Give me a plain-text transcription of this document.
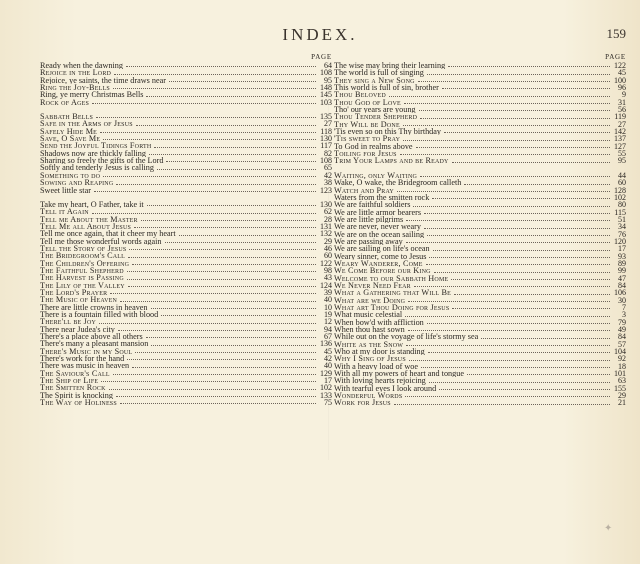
INDEX.	159
PAGE
Ready when the dawning	64
Rejoice in the Lord	108
Rejoice, ye saints, the time draws near	95
Ring the Joy-Bells	148
Ring, ye merry Christmas Bells	145
Rock of Ages	103
Sabbath Bells	135
Safe in the Arms of Jesus	27
Safely Hide Me	118
Save, O Save Me	130
Send the Joyful Tidings Forth	117
Shadows now are thickly falling	82
Sharing so freely the gifts of the Lord	108
Softly and tenderly Jesus is calling	65
Something to do	42
Sowing and Reaping	38
Sweet little star	123
Take my heart, O Father, take it	130
Tell it Again	62
Tell me About the Master	28
Tell Me all About Jesus	131
Tell me once again, that it cheer my heart	132
Tell me those wonderful words again	29
Tell the Story of Jesus	46
The Bridegroom's Call	60
The Children's Offering	122
The Faithful Shepherd	98
The Harvest is Passing	43
The Lily of the Valley	124
The Lord's Prayer	39
The Music of Heaven	40
There are little crowns in heaven	10
There is a fountain filled with blood	19
There'll be Joy	12
There near Judea's city	94
There's a place above all others	67
There's many a pleasant mansion	136
There's Music in my Soul	45
There's work for the hand	42
There was music in heaven	40
The Saviour's Call	129
The Ship of Life	17
The Smitten Rock	102
The Spirit is knocking	133
The Way of Holiness	75
PAGE
The wise may bring their learning	122
The world is full of singing	45
They sing a New Song	100
This world is full of sin, brother	96
Thou Beloved	9
Thou God of Love	31
Tho' our years are young	56
Thou Tender Shepherd	119
Thy Will be Done	27
'Tis even so on this Thy birthday	142
'Tis sweet to Pray	137
To God in realms above	127
Toiling for Jesus	55
Trim Your Lamps and be Ready	95
Waiting, only Waiting	44
Wake, O wake, the Bridegroom calleth	60
Watch and Pray	128
Waters from the smitten rock	102
We are faithful soldiers	80
We are little armor bearers	115
We are little pilgrims	51
We are never, never weary	34
We are on the ocean sailing	76
We are passing away	120
We are sailing on life's ocean	17
Weary sinner, come to Jesus	93
Weary Wanderer, Come	89
We Come Before our King	99
Welcome to our Sabbath Home	47
We Never Need Fear	84
What a Gathering that Will Be	106
What are we Doing	30
What art Thou Doing for Jesus	7
What music celestial	3
When bow'd with affliction	79
When thou hast sown	49
While out on the voyage of life's stormy sea	84
White as the Snow	57
Who at my door is standing	104
Why I Sing of Jesus	92
With a heavy load of woe	18
With all my powers of heart and tongue	101
With loving hearts rejoicing	63
With tearful eyes I look around	155
Wonderful Words	29
Work for Jesus	21
✦
